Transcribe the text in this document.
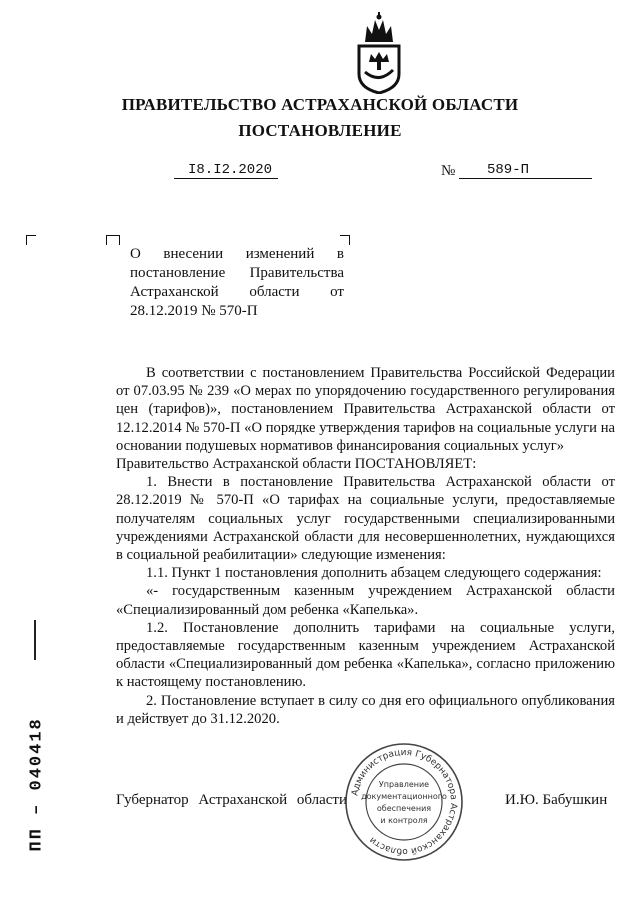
ПРАВИТЕЛЬСТВО АСТРАХАНСКОЙ ОБЛАСТИ
ПОСТАНОВЛЕНИЕ
I8.I2.2020	№ 589-П
О внесении изменений в постановление Правительства Астраханской области от 28.12.2019 № 570-П

В соответствии с постановлением Правительства Российской Федерации от 07.03.95 № 239 «О мерах по упорядочению государственного регулирования цен (тарифов)», постановлением Правительства Астраханской области от 12.12.2014 № 570-П «О порядке утверждения тарифов на социальные услуги на основании подушевых нормативов финансирования социальных услуг»

Правительство Астраханской области ПОСТАНОВЛЯЕТ:

1. Внести в постановление Правительства Астраханской области от 28.12.2019 № 570-П «О тарифах на социальные услуги, предоставляемые получателям социальных услуг государственными специализированными учреждениями Астраханской области для несовершеннолетних, нуждающихся в социальной реабилитации» следующие изменения:

1.1. Пункт 1 постановления дополнить абзацем следующего содержания:

«- государственным казенным учреждением Астраханской области «Специализированный дом ребенка «Капелька».

1.2. Постановление дополнить тарифами на социальные услуги, предоставляемые государственным казенным учреждением Астраханской области «Специализированный дом ребенка «Капелька», согласно приложению к настоящему постановлению.

2. Постановление вступает в силу со дня его официального опубликования и действует до 31.12.2020.

ПП – 040418	Губернатор Астраханской области	И.Ю. Бабушкин
Администрация Губернатора Астраханской области
Управление
документационного
обеспечения
и контроля
